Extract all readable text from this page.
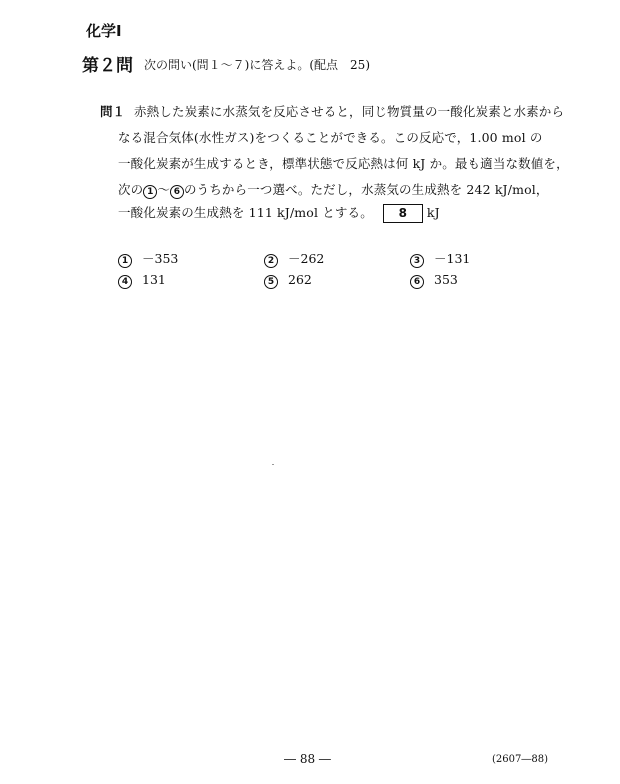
化学Ⅰ
第２問 次の問い(問１～７)に答えよ。(配点　25)
問１ 赤熱した炭素に水蒸気を反応させると，同じ物質量の一酸化炭素と水素から
なる混合気体(水性ガス)をつくることができる。この反応で，1.00 mol の
一酸化炭素が生成するとき，標準状態で反応熱は何 kJ か。最も適当な数値を，
次の 1 ～ 6 のうちから一つ選べ。ただし，水蒸気の生成熱を 242 kJ/mol，
一酸化炭素の生成熱を 111 kJ/mol とする。 8 kJ
1 －353	2 －262	3 －131
4 131	5 262	6 353
― 88 ―	(2607―88)
